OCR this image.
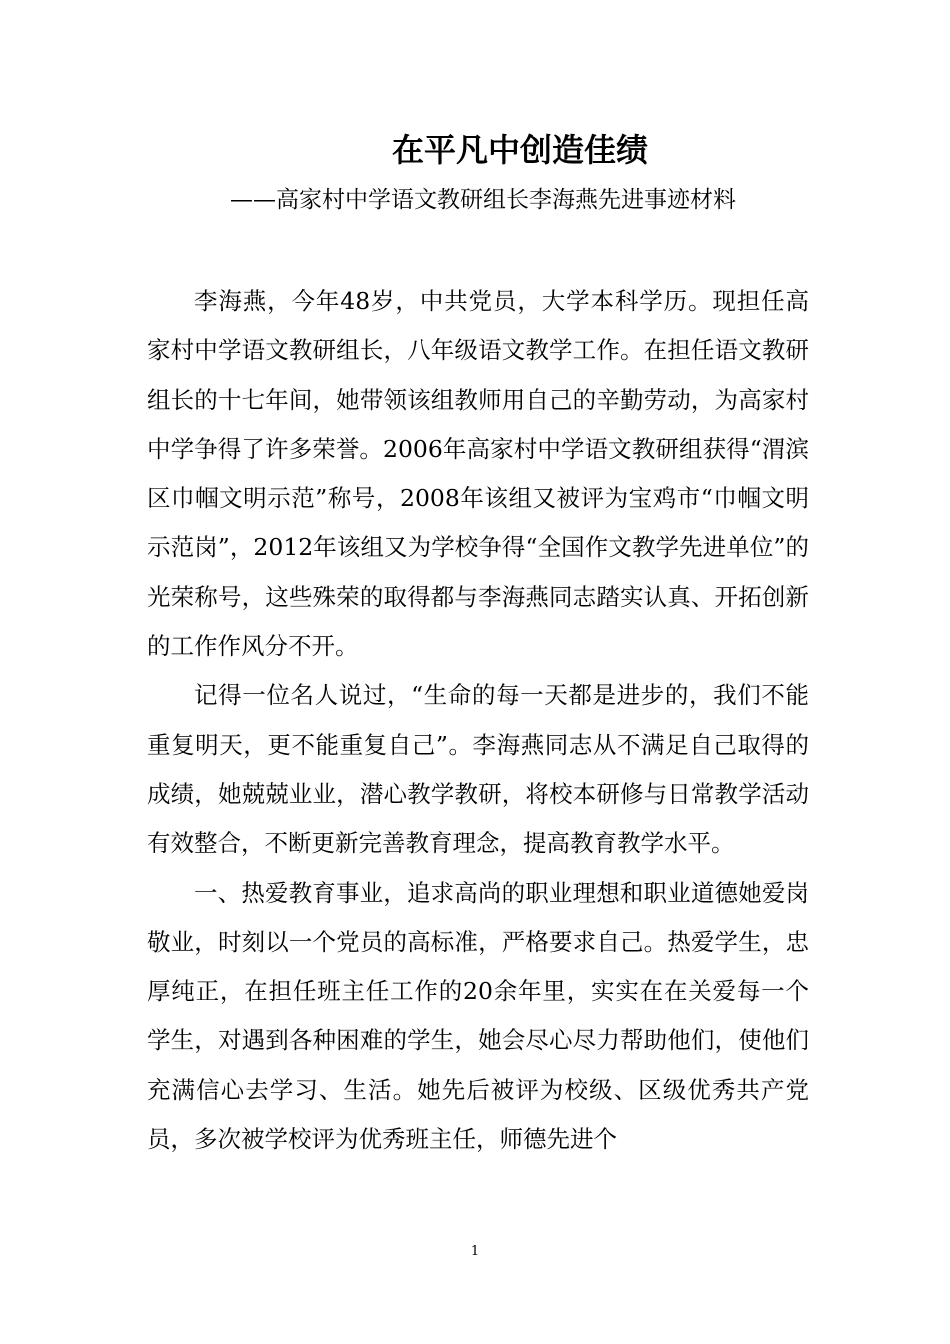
在平凡中创造佳绩

——高家村中学语文教研组长李海燕先进事迹材料

李海燕，今年48岁，中共党员，大学本科学历。现担任高家村中学语文教研组长，八年级语文教学工作。在担任语文教研组长的十七年间，她带领该组教师用自己的辛勤劳动，为高家村中学争得了许多荣誉。2006年高家村中学语文教研组获得“渭滨区巾帼文明示范”称号，2008年该组又被评为宝鸡市“巾帼文明示范岗”，2012年该组又为学校争得“全国作文教学先进单位”的光荣称号，这些殊荣的取得都与李海燕同志踏实认真、开拓创新的工作作风分不开。

记得一位名人说过，“生命的每一天都是进步的，我们不能重复明天，更不能重复自己”。李海燕同志从不满足自己取得的成绩，她兢兢业业，潜心教学教研，将校本研修与日常教学活动有效整合，不断更新完善教育理念，提高教育教学水平。

一、热爱教育事业，追求高尚的职业理想和职业道德她爱岗敬业，时刻以一个党员的高标准，严格要求自己。热爱学生，忠厚纯正，在担任班主任工作的20余年里，实实在在关爱每一个学生，对遇到各种困难的学生，她会尽心尽力帮助他们，使他们充满信心去学习、生活。她先后被评为校级、区级优秀共产党员，多次被学校评为优秀班主任，师德先进个

1
